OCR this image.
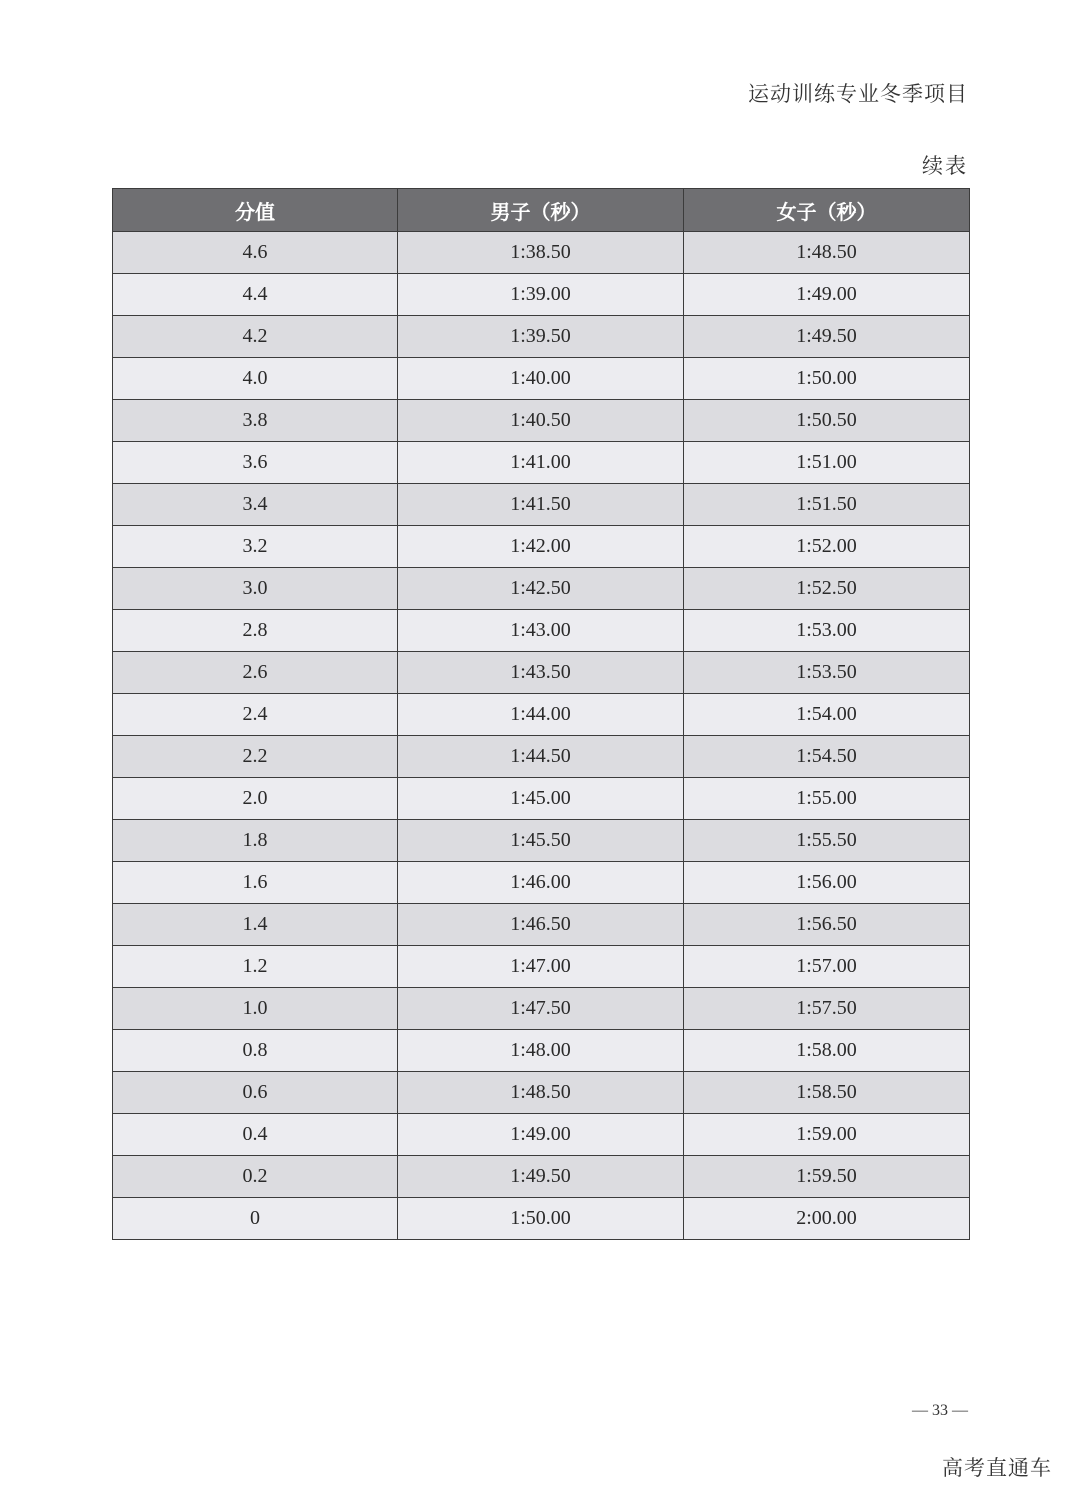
运动训练专业冬季项目
续表
分值	男子（秒）	女子（秒）
4.6	1:38.50	1:48.50
4.4	1:39.00	1:49.00
4.2	1:39.50	1:49.50
4.0	1:40.00	1:50.00
3.8	1:40.50	1:50.50
3.6	1:41.00	1:51.00
3.4	1:41.50	1:51.50
3.2	1:42.00	1:52.00
3.0	1:42.50	1:52.50
2.8	1:43.00	1:53.00
2.6	1:43.50	1:53.50
2.4	1:44.00	1:54.00
2.2	1:44.50	1:54.50
2.0	1:45.00	1:55.00
1.8	1:45.50	1:55.50
1.6	1:46.00	1:56.00
1.4	1:46.50	1:56.50
1.2	1:47.00	1:57.00
1.0	1:47.50	1:57.50
0.8	1:48.00	1:58.00
0.6	1:48.50	1:58.50
0.4	1:49.00	1:59.00
0.2	1:49.50	1:59.50
0	1:50.00	2:00.00
— 33 —
高考直通车
